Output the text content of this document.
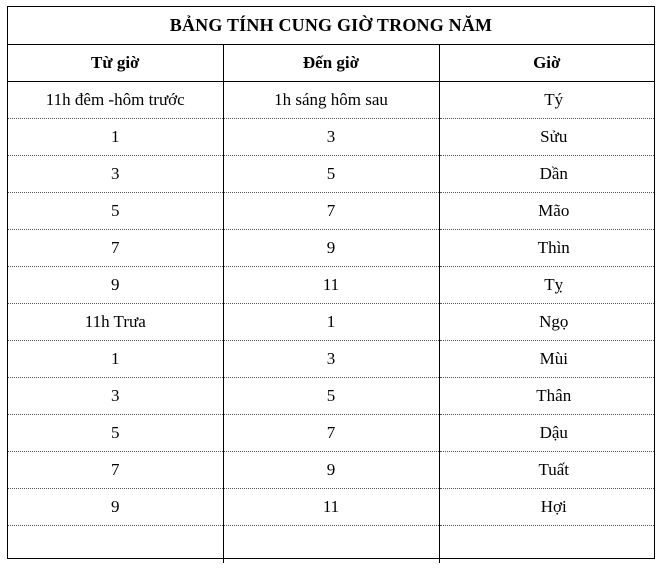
BẢNG TÍNH CUNG GIỜ TRONG NĂM
Từ giờ	Đến giờ	Giờ
11h đêm -hôm trước	1h sáng hôm sau	Tý
1	3	Sửu
3	5	Dần
5	7	Mão
7	9	Thìn
9	11	Tỵ
11h Trưa	1	Ngọ
1	3	Mùi
3	5	Thân
5	7	Dậu
7	9	Tuất
9	11	Hợi
